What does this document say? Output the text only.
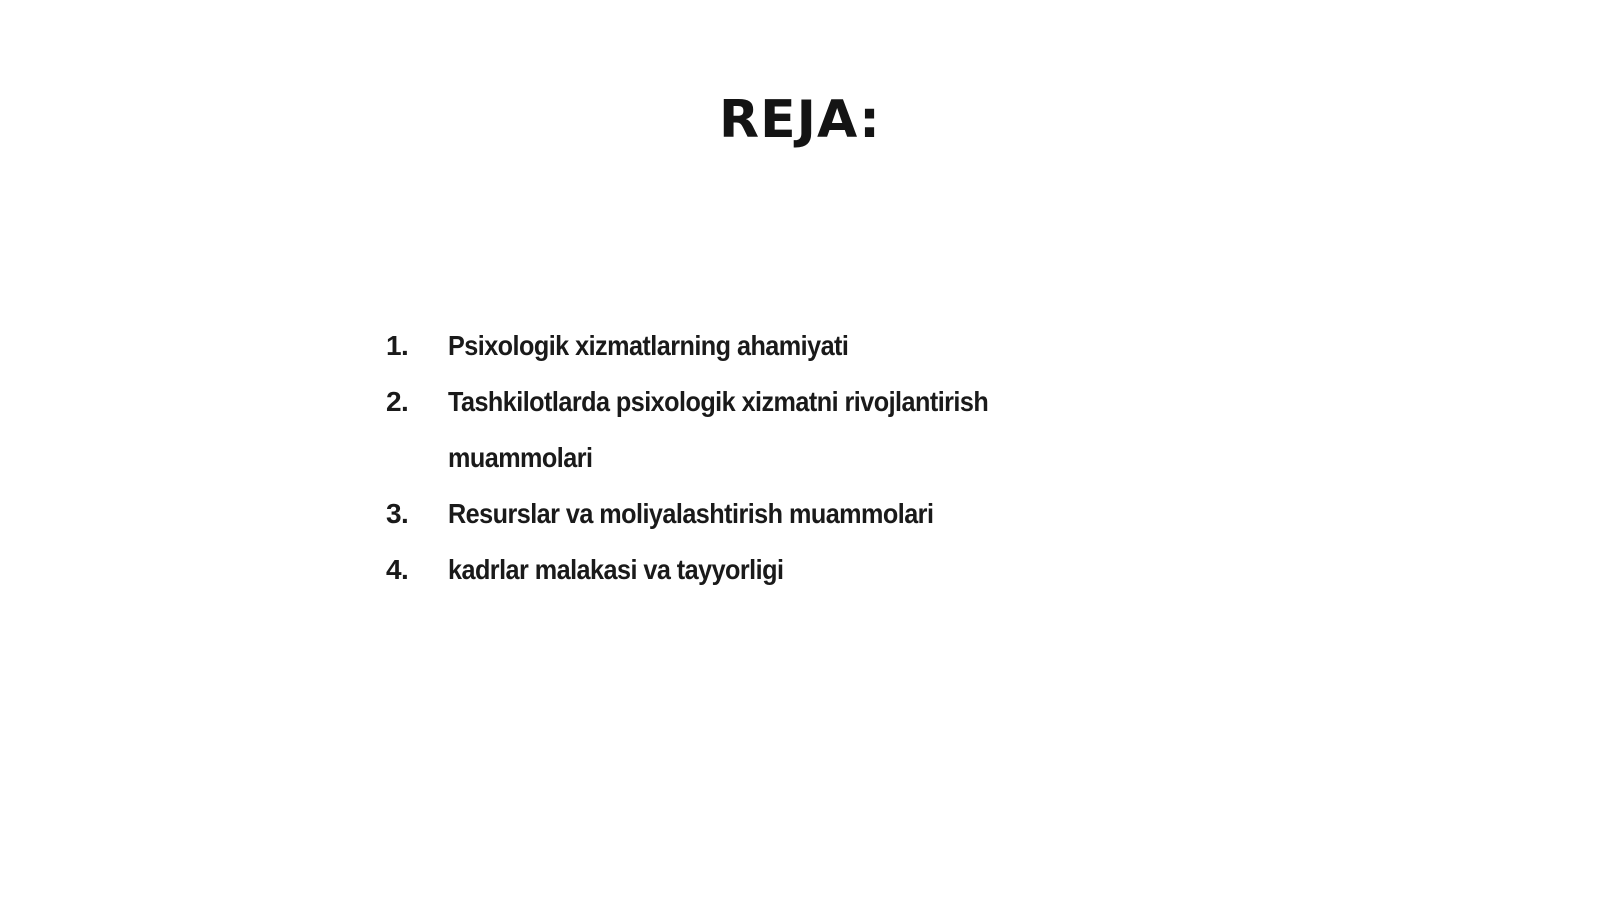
REJA:
1.	Psixologik xizmatlarning ahamiyati
2.	Tashkilotlarda psixologik xizmatni rivojlantirish
muammolari
3.	Resurslar va moliyalashtirish muammolari
4.	kadrlar malakasi va tayyorligi
